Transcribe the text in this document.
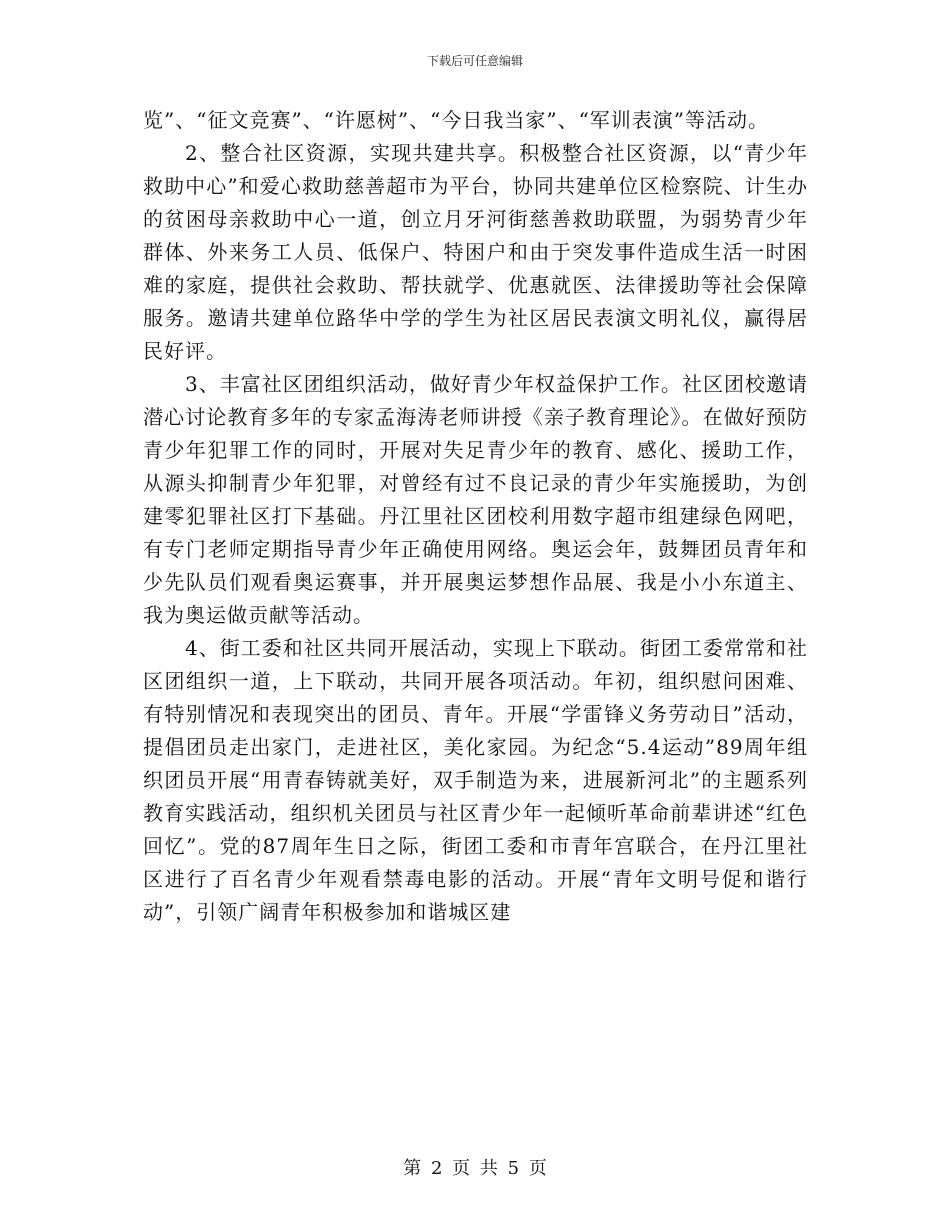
下载后可任意编辑

览”、“征文竞赛”、“许愿树”、“今日我当家”、“军训表演”等活动。

2、整合社区资源，实现共建共享。积极整合社区资源，以“青少年救助中心”和爱心救助慈善超市为平台，协同共建单位区检察院、计生办的贫困母亲救助中心一道，创立月牙河街慈善救助联盟，为弱势青少年群体、外来务工人员、低保户、特困户和由于突发事件造成生活一时困难的家庭，提供社会救助、帮扶就学、优惠就医、法律援助等社会保障服务。邀请共建单位路华中学的学生为社区居民表演文明礼仪，赢得居民好评。

3、丰富社区团组织活动，做好青少年权益保护工作。社区团校邀请潜心讨论教育多年的专家孟海涛老师讲授《亲子教育理论》。在做好预防青少年犯罪工作的同时，开展对失足青少年的教育、感化、援助工作，从源头抑制青少年犯罪，对曾经有过不良记录的青少年实施援助，为创建零犯罪社区打下基础。丹江里社区团校利用数字超市组建绿色网吧，有专门老师定期指导青少年正确使用网络。奥运会年，鼓舞团员青年和少先队员们观看奥运赛事，并开展奥运梦想作品展、我是小小东道主、我为奥运做贡献等活动。

4、街工委和社区共同开展活动，实现上下联动。街团工委常常和社区团组织一道，上下联动，共同开展各项活动。年初，组织慰问困难、有特别情况和表现突出的团员、青年。开展“学雷锋义务劳动日”活动，提倡团员走出家门，走进社区，美化家园。为纪念“5.4运动”89周年组织团员开展“用青春铸就美好，双手制造为来，进展新河北”的主题系列教育实践活动，组织机关团员与社区青少年一起倾听革命前辈讲述“红色回忆”。党的87周年生日之际，街团工委和市青年宫联合，在丹江里社区进行了百名青少年观看禁毒电影的活动。开展“青年文明号促和谐行动”，引领广阔青年积极参加和谐城区建

第 2 页 共 5 页
